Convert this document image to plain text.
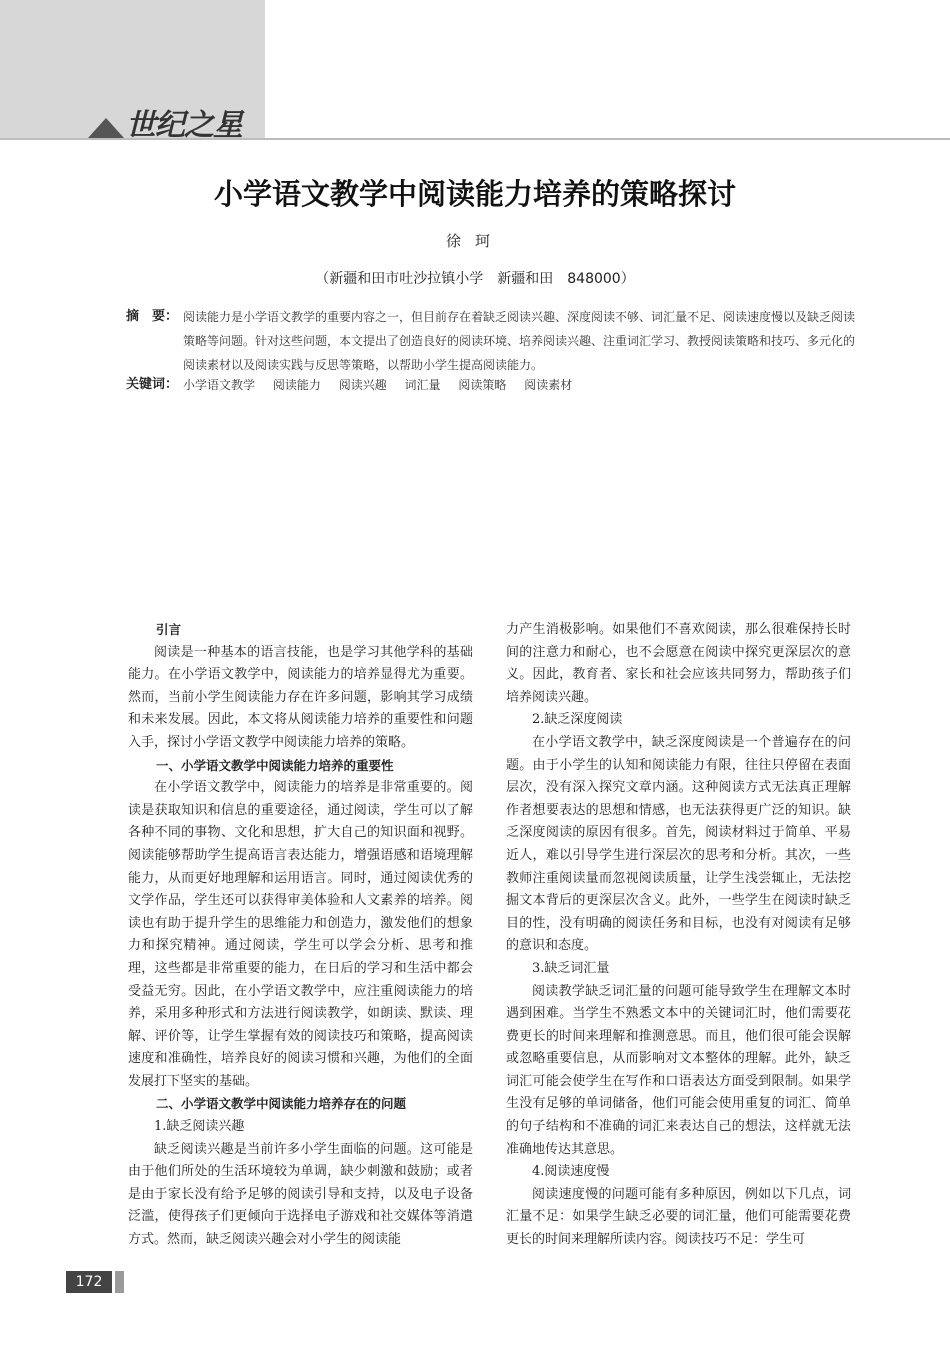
世纪之星
小学语文教学中阅读能力培养的策略探讨
徐珂
（新疆和田市吐沙拉镇小学　新疆和田　848000）
摘　要： 阅读能力是小学语文教学的重要内容之一，但目前存在着缺乏阅读兴趣、深度阅读不够、词汇量不足、阅读速度慢以及缺乏阅读策略等问题。针对这些问题，本文提出了创造良好的阅读环境、培养阅读兴趣、注重词汇学习、教授阅读策略和技巧、多元化的阅读素材以及阅读实践与反思等策略，以帮助小学生提高阅读能力。
关键词： 小学语文教学 阅读能力 阅读兴趣 词汇量 阅读策略 阅读素材
引言

阅读是一种基本的语言技能，也是学习其他学科的基础能力。在小学语文教学中，阅读能力的培养显得尤为重要。然而，当前小学生阅读能力存在许多问题，影响其学习成绩和未来发展。因此，本文将从阅读能力培养的重要性和问题入手，探讨小学语文教学中阅读能力培养的策略。

一、小学语文教学中阅读能力培养的重要性

在小学语文教学中，阅读能力的培养是非常重要的。阅读是获取知识和信息的重要途径，通过阅读，学生可以了解各种不同的事物、文化和思想，扩大自己的知识面和视野。阅读能够帮助学生提高语言表达能力，增强语感和语境理解能力，从而更好地理解和运用语言。同时，通过阅读优秀的文学作品，学生还可以获得审美体验和人文素养的培养。阅读也有助于提升学生的思维能力和创造力，激发他们的想象力和探究精神。通过阅读，学生可以学会分析、思考和推理，这些都是非常重要的能力，在日后的学习和生活中都会受益无穷。因此，在小学语文教学中，应注重阅读能力的培养，采用多种形式和方法进行阅读教学，如朗读、默读、理解、评价等，让学生掌握有效的阅读技巧和策略，提高阅读速度和准确性，培养良好的阅读习惯和兴趣，为他们的全面发展打下坚实的基础。

二、小学语文教学中阅读能力培养存在的问题
1.缺乏阅读兴趣

缺乏阅读兴趣是当前许多小学生面临的问题。这可能是由于他们所处的生活环境较为单调，缺少刺激和鼓励；或者是由于家长没有给予足够的阅读引导和支持，以及电子设备泛滥，使得孩子们更倾向于选择电子游戏和社交媒体等消遣方式。然而，缺乏阅读兴趣会对小学生的阅读能

力产生消极影响。如果他们不喜欢阅读，那么很难保持长时间的注意力和耐心，也不会愿意在阅读中探究更深层次的意义。因此，教育者、家长和社会应该共同努力，帮助孩子们培养阅读兴趣。

2.缺乏深度阅读

在小学语文教学中，缺乏深度阅读是一个普遍存在的问题。由于小学生的认知和阅读能力有限，往往只停留在表面层次，没有深入探究文章内涵。这种阅读方式无法真正理解作者想要表达的思想和情感，也无法获得更广泛的知识。缺乏深度阅读的原因有很多。首先，阅读材料过于简单、平易近人，难以引导学生进行深层次的思考和分析。其次，一些教师注重阅读量而忽视阅读质量，让学生浅尝辄止，无法挖掘文本背后的更深层次含义。此外，一些学生在阅读时缺乏目的性，没有明确的阅读任务和目标，也没有对阅读有足够的意识和态度。

3.缺乏词汇量

阅读教学缺乏词汇量的问题可能导致学生在理解文本时遇到困难。当学生不熟悉文本中的关键词汇时，他们需要花费更长的时间来理解和推测意思。而且，他们很可能会误解或忽略重要信息，从而影响对文本整体的理解。此外，缺乏词汇可能会使学生在写作和口语表达方面受到限制。如果学生没有足够的单词储备，他们可能会使用重复的词汇、简单的句子结构和不准确的词汇来表达自己的想法，这样就无法准确地传达其意思。

4.阅读速度慢

阅读速度慢的问题可能有多种原因，例如以下几点，词汇量不足：如果学生缺乏必要的词汇量，他们可能需要花费更长的时间来理解所读内容。阅读技巧不足：学生可

172
